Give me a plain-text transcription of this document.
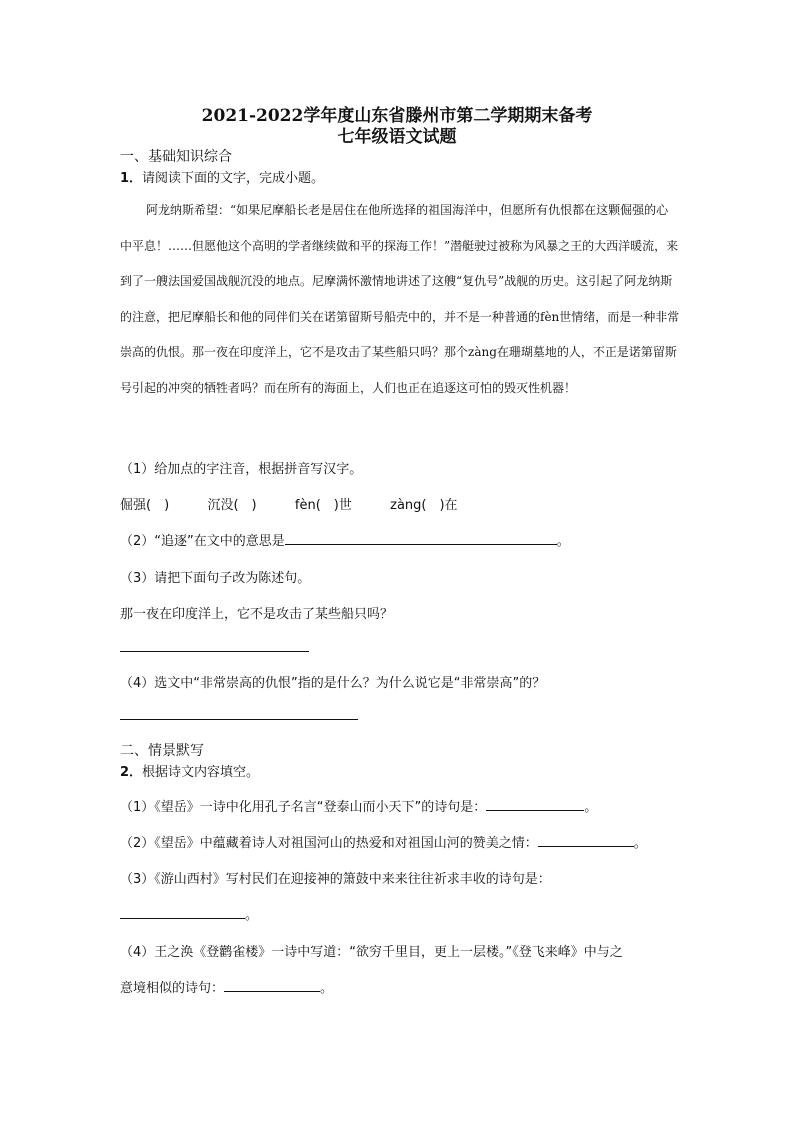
2021-2022学年度山东省滕州市第二学期期末备考
七年级语文试题
一、基础知识综合
1．请阅读下面的文字，完成小题。

阿龙纳斯希望：“如果尼摩船长老是居住在他所选择的祖国海洋中，但愿所有仇恨都在这颗倔强的心中平息！……但愿他这个高明的学者继续做和平的探海工作！”潜艇驶过被称为风暴之王的大西洋暖流，来到了一艘法国爱国战舰沉没的地点。尼摩满怀激情地讲述了这艘“复仇号”战舰的历史。这引起了阿龙纳斯的注意，把尼摩船长和他的同伴们关在诺第留斯号船壳中的，并不是一种普通的fèn世情绪，而是一种非常崇高的仇恨。那一夜在印度洋上，它不是攻击了某些船只吗？那个zàng在珊瑚墓地的人，不正是诺第留斯号引起的冲突的牺牲者吗？而在所有的海面上，人们也正在追逐这可怕的毁灭性机器！

（1）给加点的字注音，根据拼音写汉字。
倔强(　)	沉没(　)	fèn(　)世	zàng(　)在
（2）“追逐”在文中的意思是	。
（3）请把下面句子改为陈述句。
那一夜在印度洋上，它不是攻击了某些船只吗？
（4）选文中“非常崇高的仇恨”指的是什么？为什么说它是“非常崇高”的？
二、情景默写
2．根据诗文内容填空。
（1）《望岳》一诗中化用孔子名言“登泰山而小天下”的诗句是：	。
（2）《望岳》中蕴藏着诗人对祖国河山的热爱和对祖国山河的赞美之情：	。
（3）《游山西村》写村民们在迎接神的箫鼓中来来往往祈求丰收的诗句是：
。
（4）王之涣《登鹳雀楼》一诗中写道：“欲穷千里目，更上一层楼。”《登飞来峰》中与之
意境相似的诗句：	。
